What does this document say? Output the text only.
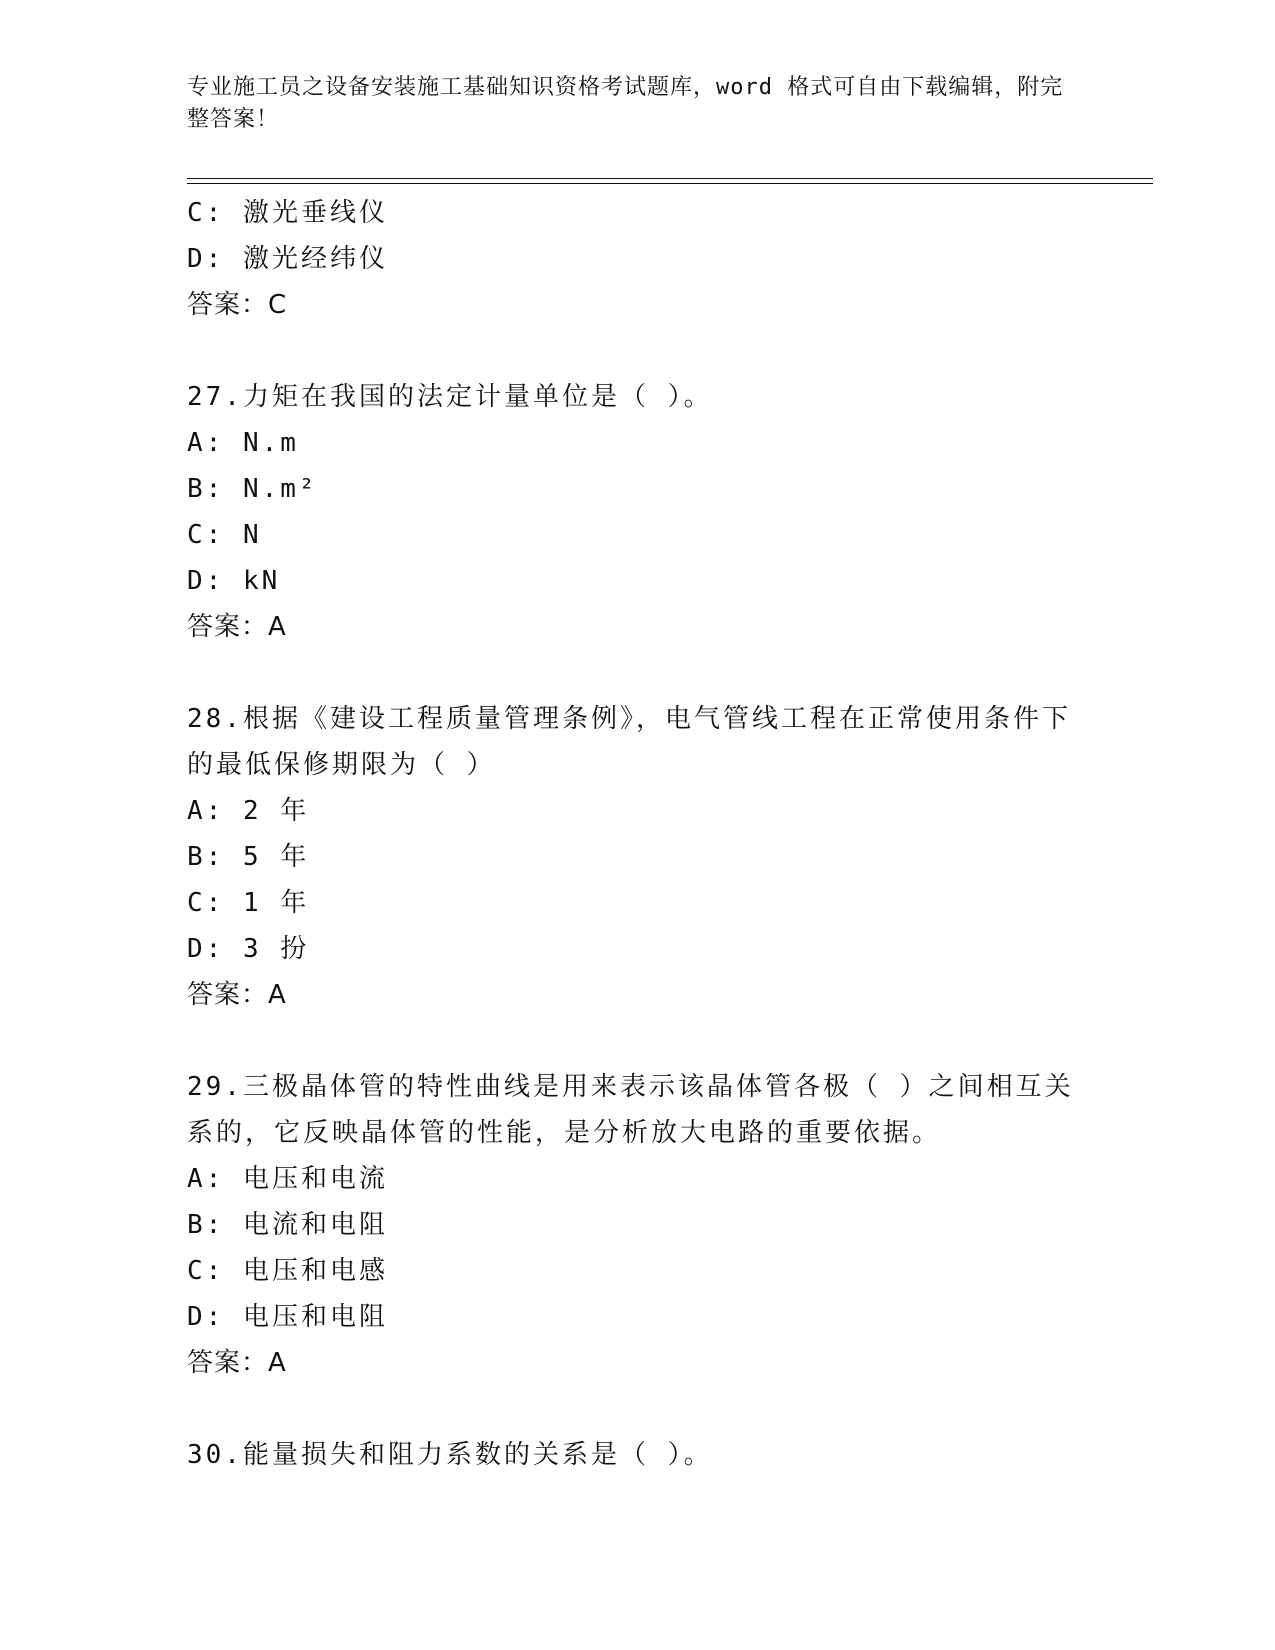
专业施工员之设备安装施工基础知识资格考试题库，word 格式可自由下载编辑，附完整答案！
C: 激光垂线仪
D: 激光经纬仪
答案：C
27.力矩在我国的法定计量单位是（ ）。
A: N.m
B: N.m²
C: N
D: kN
答案：A
28.根据《建设工程质量管理条例》，电气管线工程在正常使用条件下的最低保修期限为（ ）
A: 2 年
B: 5 年
C: 1 年
D: 3 扮
答案：A
29.三极晶体管的特性曲线是用来表示该晶体管各极（ ）之间相互关系的，它反映晶体管的性能，是分析放大电路的重要依据。
A: 电压和电流
B: 电流和电阻
C: 电压和电感
D: 电压和电阻
答案：A
30.能量损失和阻力系数的关系是（ ）。
